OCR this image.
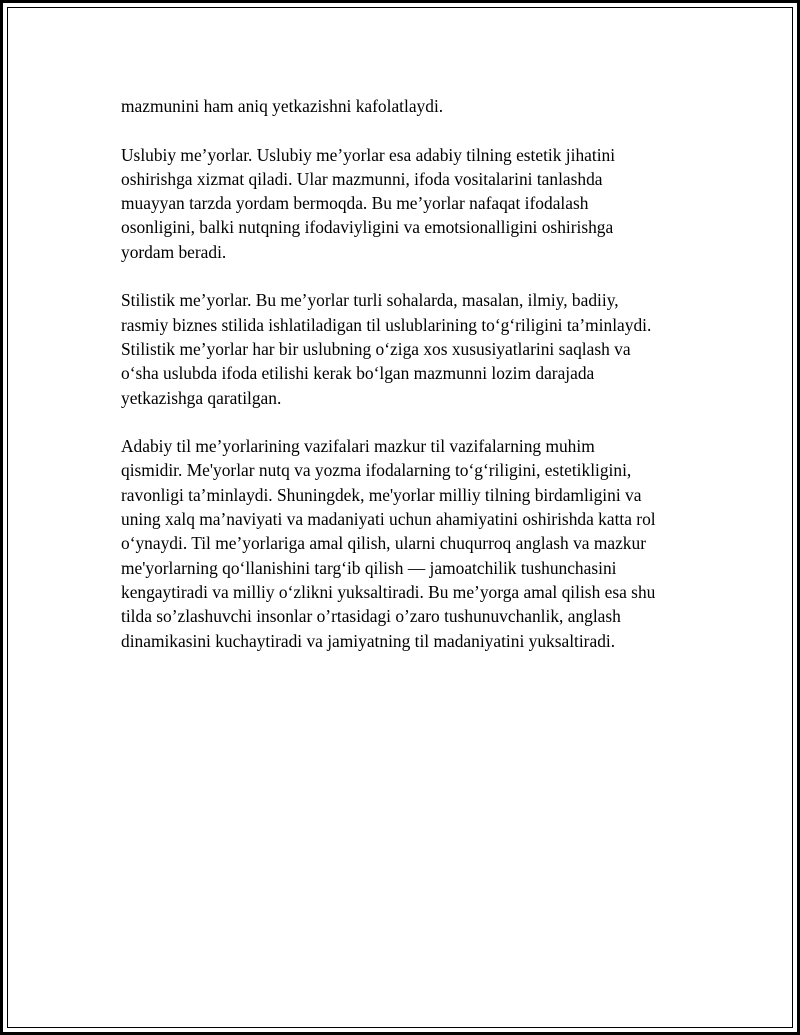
mazmunini ham aniq yetkazishni kafolatlaydi.

Uslubiy me’yorlar. Uslubiy me’yorlar esa adabiy tilning estetik jihatini
oshirishga xizmat qiladi. Ular mazmunni, ifoda vositalarini tanlashda
muayyan tarzda yordam bermoqda. Bu me’yorlar nafaqat ifodalash
osonligini, balki nutqning ifodaviyligini va emotsionalligini oshirishga
yordam beradi.

Stilistik me’yorlar. Bu me’yorlar turli sohalarda, masalan, ilmiy, badiiy,
rasmiy biznes stilida ishlatiladigan til uslublarining to‘g‘riligini ta’minlaydi.
Stilistik me’yorlar har bir uslubning o‘ziga xos xususiyatlarini saqlash va
o‘sha uslubda ifoda etilishi kerak bo‘lgan mazmunni lozim darajada
yetkazishga qaratilgan.

Adabiy til me’yorlarining vazifalari mazkur til vazifalarning muhim
qismidir. Me'yorlar nutq va yozma ifodalarning to‘g‘riligini, estetikligini,
ravonligi ta’minlaydi. Shuningdek, me'yorlar milliy tilning birdamligini va
uning xalq ma’naviyati va madaniyati uchun ahamiyatini oshirishda katta rol
o‘ynaydi. Til me’yorlariga amal qilish, ularni chuqurroq anglash va mazkur
me'yorlarning qo‘llanishini targ‘ib qilish — jamoatchilik tushunchasini
kengaytiradi va milliy o‘zlikni yuksaltiradi. Bu me’yorga amal qilish esa shu
tilda so’zlashuvchi insonlar o’rtasidagi o’zaro tushunuvchanlik, anglash
dinamikasini kuchaytiradi va jamiyatning til madaniyatini yuksaltiradi.
